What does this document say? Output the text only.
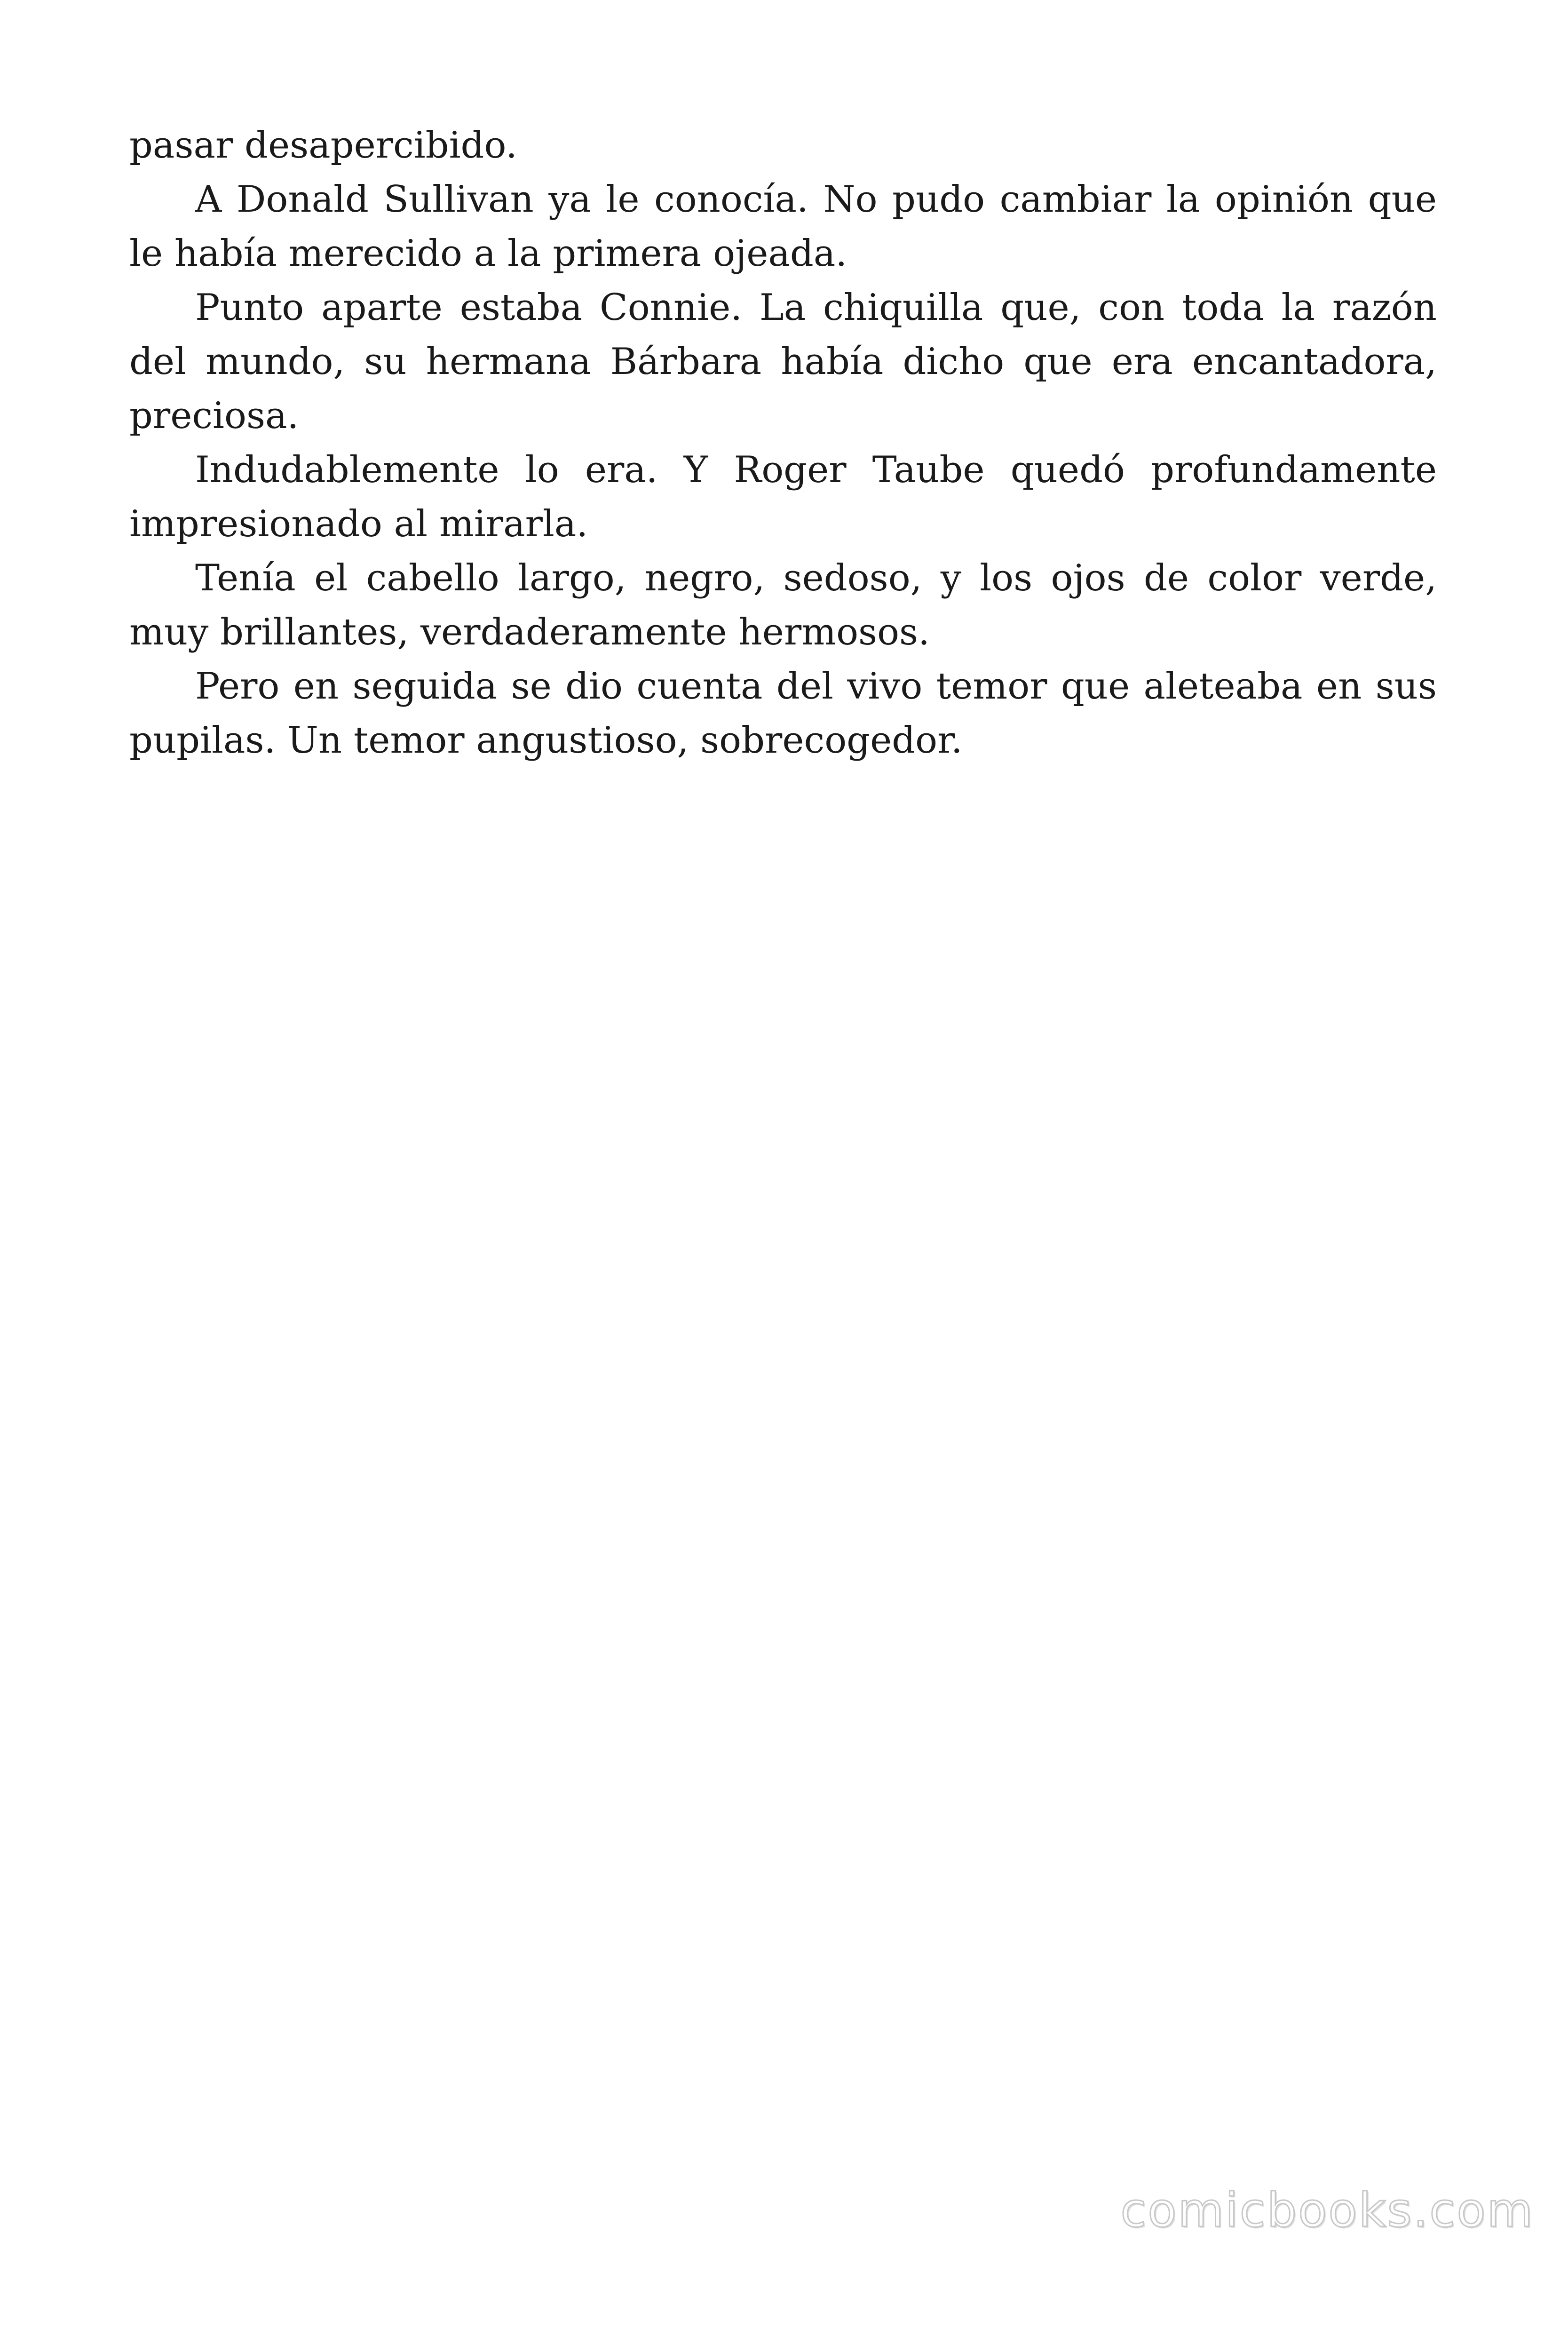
pasar desapercibido.

A Donald Sullivan ya le conocía. No pudo cambiar la opinión que le había merecido a la primera ojeada.

Punto aparte estaba Connie. La chiquilla que, con toda la razón del mundo, su hermana Bárbara había dicho que era encantadora, preciosa.

Indudablemente lo era. Y Roger Taube quedó profundamente impresionado al mirarla.

Tenía el cabello largo, negro, sedoso, y los ojos de color verde, muy brillantes, verdaderamente hermosos.

Pero en seguida se dio cuenta del vivo temor que aleteaba en sus pupilas. Un temor angustioso, sobrecogedor.

comicbooks.com
